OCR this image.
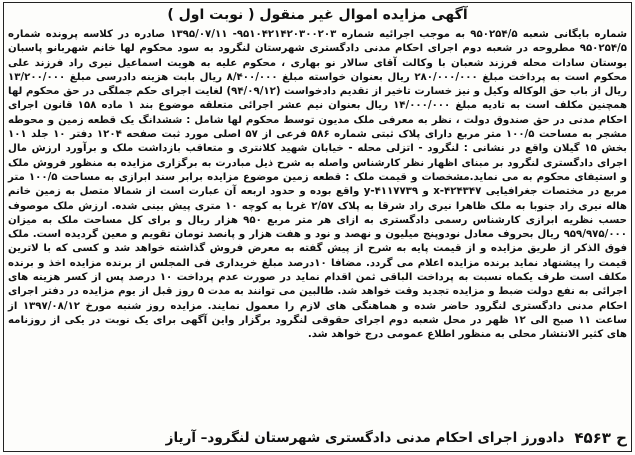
آگهی مزایده اموال غیر منقول ( نوبت اول )

شماره بایگانی شعبه ۹۵۰۲۵۴/۵ به موجب اجرائیه شماره ۹۵۱۰۴۲۱۴۲۰۳۰۰۲۰۳- ۱۳۹۵/۰۷/۱۱ صادره در کلاسه پرونده شماره ۹۵۰۲۵۴/۵ مطروحه در شعبه دوم اجرای احکام مدنی دادگستری شهرستان لنگرود به سود محکوم لها خانم شهربانو پاسبان بوستان سادات محله فرزند شعبان با وکالت آقای سالار نو بهاری ، محکوم علیه به هویت اسماعیل نیری راد فرزند علی محکوم است به پرداخت مبلغ ۲۸۰/۰۰۰/۰۰۰ ریال بعنوان خواسته مبلغ ۸/۴۰۰/۰۰۰ ریال بابت هزینه دادرسی مبلغ ۱۳/۲۰۰/۰۰۰ ریال از باب حق الوکاله وکیل و نیز خسارت تاخیر از تقدیم دادخواست (۹۴/۰۹/۱۲) لغایت اجرای حکم جملگی در حق محکوم لها همچنین مکلف است به تادیه مبلغ ۱۴/۰۰۰/۰۰۰ ریال بعنوان نیم عشر اجرائی متعلقه موضوع بند ۱ ماده ۱۵۸ قانون اجرای احکام مدنی در حق صندوق دولت ، نظر به معرفی ملک مدیون توسط محکوم لها شامل : ششدانگ یک قطعه زمین و محوطه مشجر به مساحت ۱۰۰/۵ متر مربع دارای پلاک ثبتی شماره ۵۸۶ فرعی از ۵۷ اصلی مورد ثبت صفحه ۱۲۰۴ دفتر ۱۰ جلد ۱۰۱ بخش ۱۵ گیلان واقع در نشانی : لنگرود - اتزلی محله - خیابان شهید کلانتری و متعاقب بازداشت ملک و برآورد ارزش مال اجرای دادگستری لنگرود بر مبنای اظهار نظر کارشناس واصله به شرح ذیل مبادرت به برگزاری مزایده به منظور فروش ملک و استیفای محکوم به می نماید.مشخصات و قیمت ملک : قطعه زمین موضوع مزایده برابر سند ابرازی به مساحت ۱۰۰/۵ متر مربع در مختصات جغرافیایی x-۴۲۴۳۴۷ و y-۴۱۱۷۷۳۹ واقع بوده و حدود اربعه آن عبارت است از شمالا متصل به زمین خانم هاله نیری راد جنوبا به ملک ظاهرا نیری راد شرقا به پلاک ۲/۵۷ غربا به کوچه ۱۰ متری پیش بینی شده. ارزش ملک موصوف حسب نظریه ابرازی کارشناس رسمی دادگستری به ازای هر متر مربع ۹۵۰ هزار ریال و برای کل مساحت ملک به میزان ۹۵۹/۹۷۵/۰۰۰ ریال بحروف معادل نودوپنج میلیون و نهصد و نود و هفت هزار و پانصد تومان تقویم و معین گردیده است. ملک فوق الذکر از طریق مزایده و از قیمت پایه به شرح از پیش گفته به معرض فروش گذاشته خواهد شد و کسی که با لاترین قیمت را پیشنهاد نماید برنده مزایده اعلام می گردد. مضافا ۱۰درصد مبلغ خریداری فی المجلس از برنده مزایده اخذ و برنده مکلف است طرف یکماه نسبت به پرداخت الباقی ثمن اقدام نماید در صورت عدم پرداخت ۱۰ درصد پس از کسر هزینه های اجرائی به نفع دولت ضبط و مزایده تجدید وقت خواهد شد. طالبین می توانند به مدت ۵ روز قبل از یوم مزایده در دفتر اجرای احکام مدنی دادگستری لنگرود حاضر شده و هماهنگی های لازم را معمول نمایند. مزایده روز شنبه مورخ ۱۳۹۷/۰۸/۱۲ از ساعت ۱۱ صبح الی ۱۲ ظهر در محل شعبه دوم اجرای حقوقی لنگرود برگزار واین آگهی برای یک نوبت در یکی از روزنامه های کثیر الانتشار محلی به منظور اطلاع عمومی درج خواهد شد.

ح ۴۵۶۳
دادورز اجرای احکام مدنی دادگستری شهرستان لنگرود– آریاز
